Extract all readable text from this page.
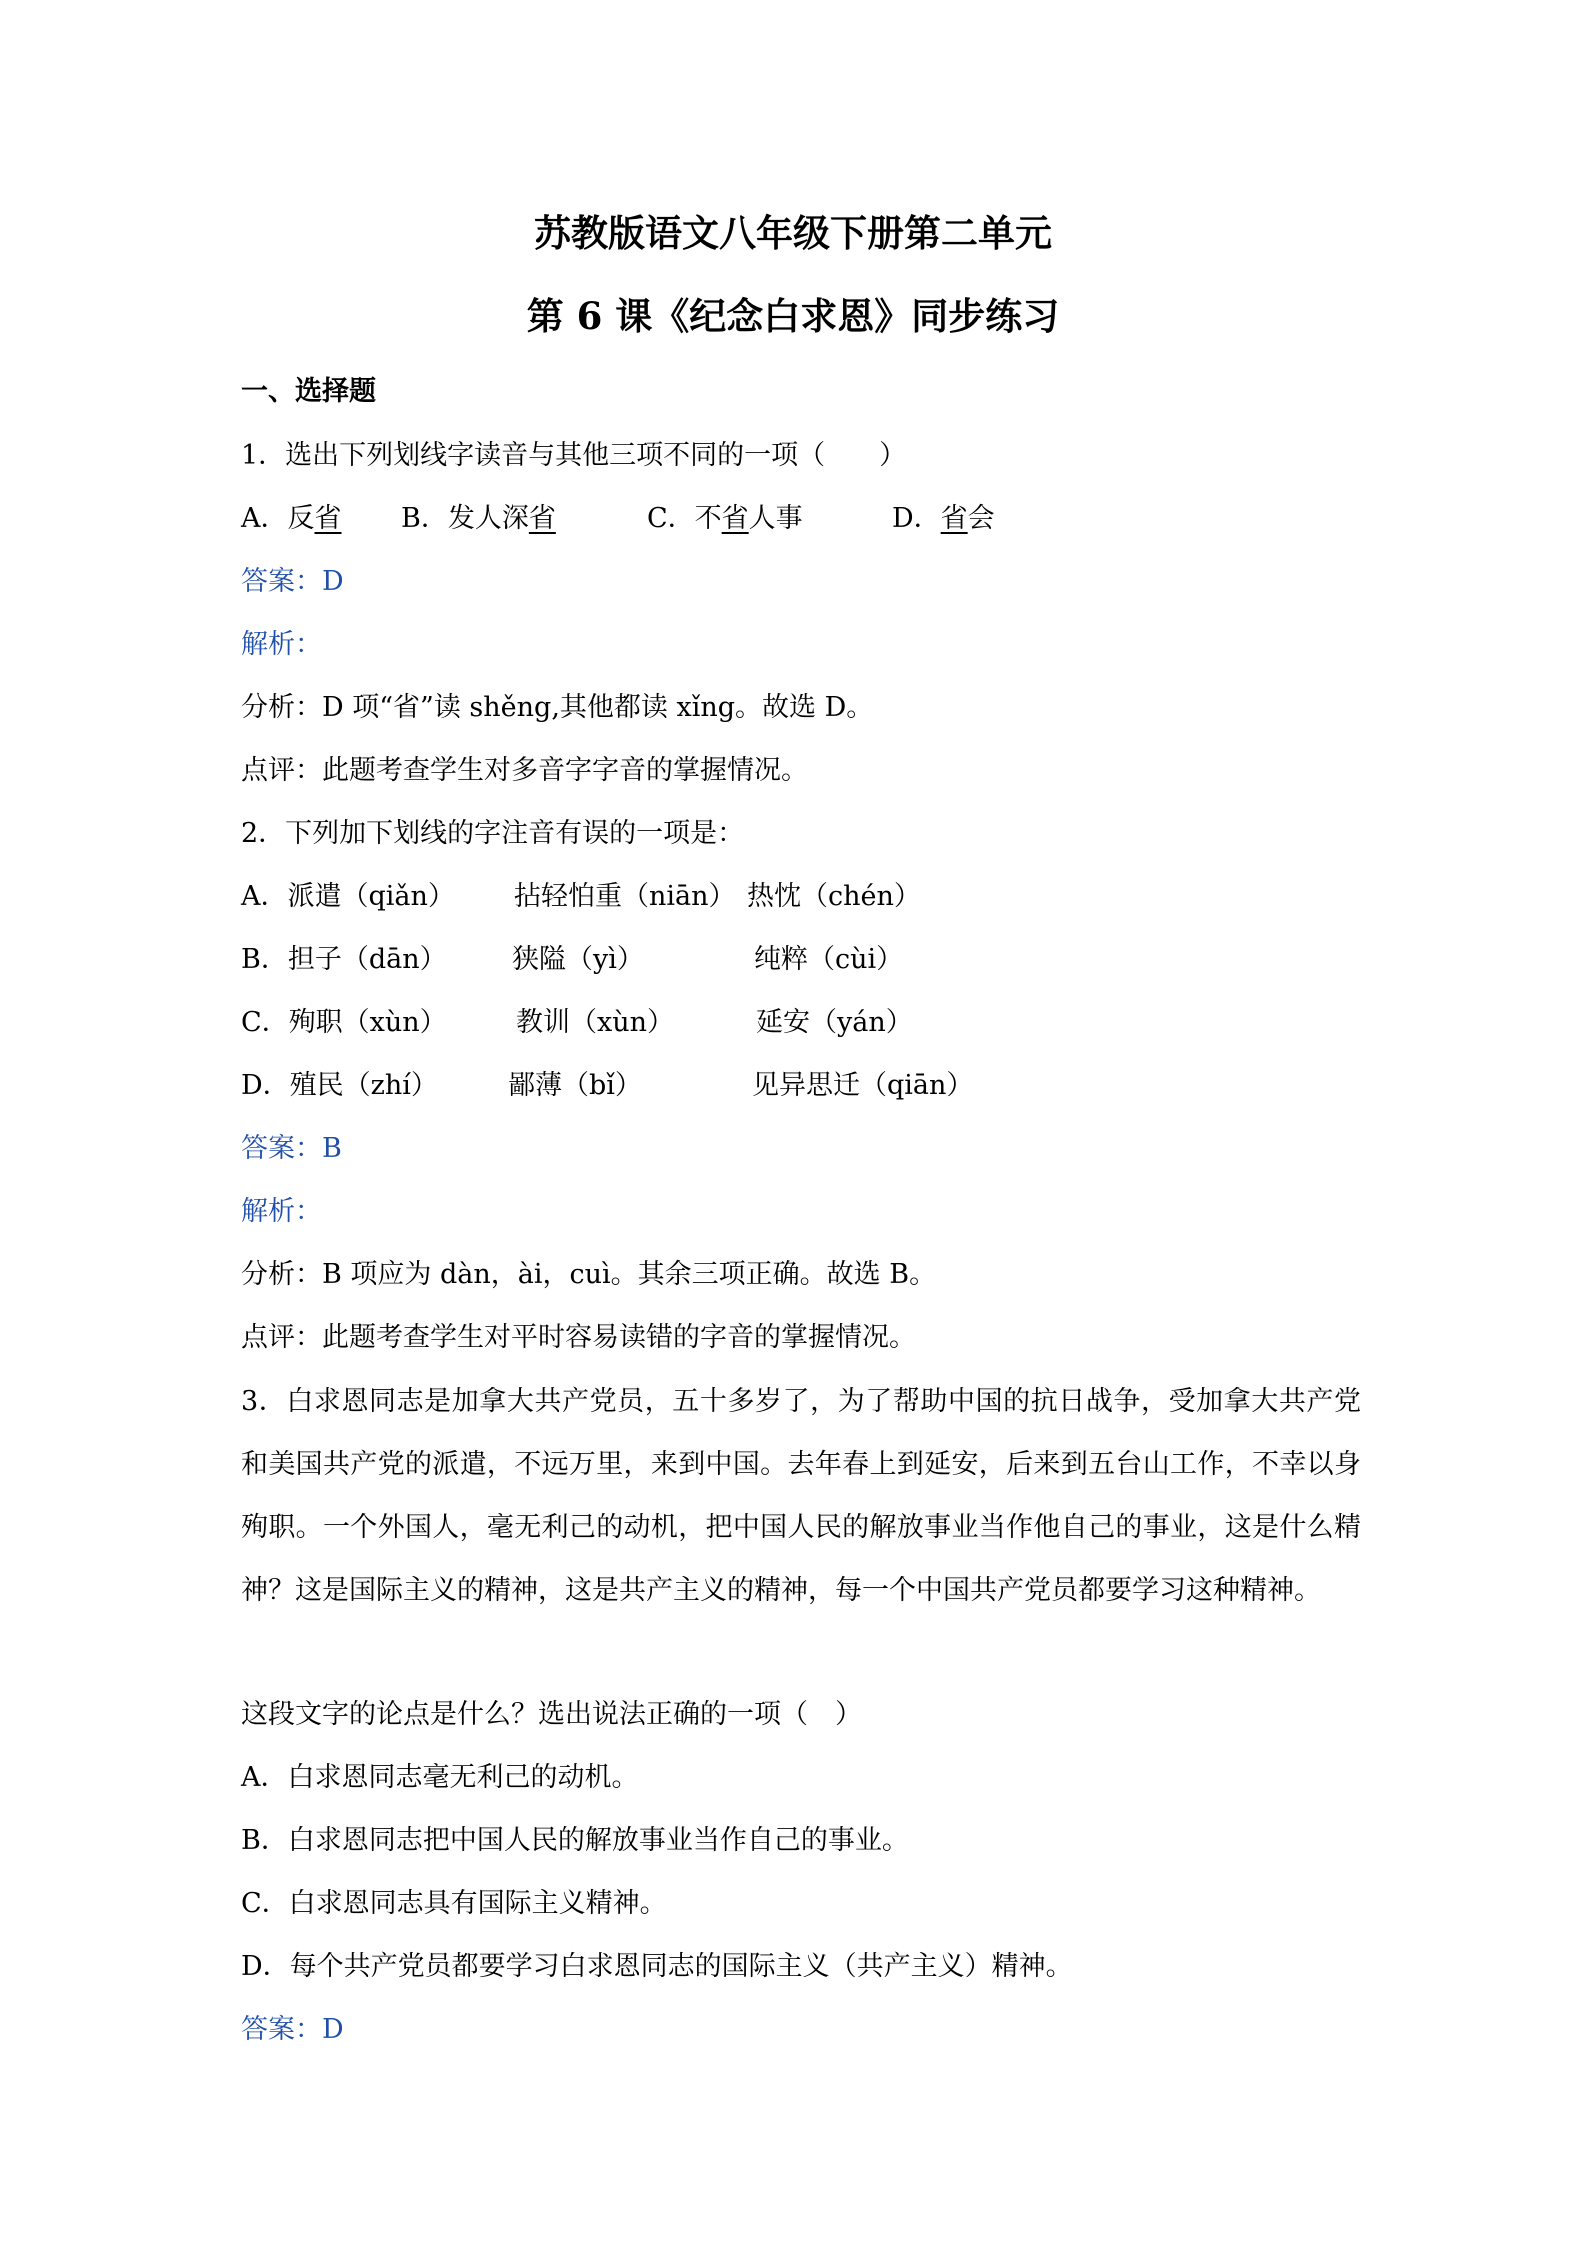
苏教版语文八年级下册第二单元
第 6 课《纪念白求恩》同步练习
一、选择题
1．选出下列划线字读音与其他三项不同的一项（　　）
A．反省 B．发人深省	C．不省人事	D．省会
答案：D
解析：
分析：D 项“省”读 shěng,其他都读 xǐng。故选 D。
点评：此题考查学生对多音字字音的掌握情况。
2．下列加下划线的字注音有误的一项是：
A．派遣（qiǎn） 拈轻怕重（niān） 热忱（chén）
B．担子（dān） 狭隘（yì）	纯粹（cùi）
C．殉职（xùn）	教训（xùn）	延安（yán）
D．殖民（zhí）	鄙薄（bǐ）	见异思迁（qiān）
答案：B
解析：
分析：B 项应为 dàn，ài，cuì。其余三项正确。故选 B。
点评：此题考查学生对平时容易读错的字音的掌握情况。
3．白求恩同志是加拿大共产党员，五十多岁了，为了帮助中国的抗日战争，受加拿大共产党和美国共产党的派遣，不远万里，来到中国。去年春上到延安，后来到五台山工作，不幸以身殉职。一个外国人，毫无利己的动机，把中国人民的解放事业当作他自己的事业，这是什么精神？这是国际主义的精神，这是共产主义的精神，每一个中国共产党员都要学习这种精神。
这段文字的论点是什么？选出说法正确的一项（　）
A．白求恩同志毫无利己的动机。
B．白求恩同志把中国人民的解放事业当作自己的事业。
C．白求恩同志具有国际主义精神。
D．每个共产党员都要学习白求恩同志的国际主义（共产主义）精神。
答案：D
